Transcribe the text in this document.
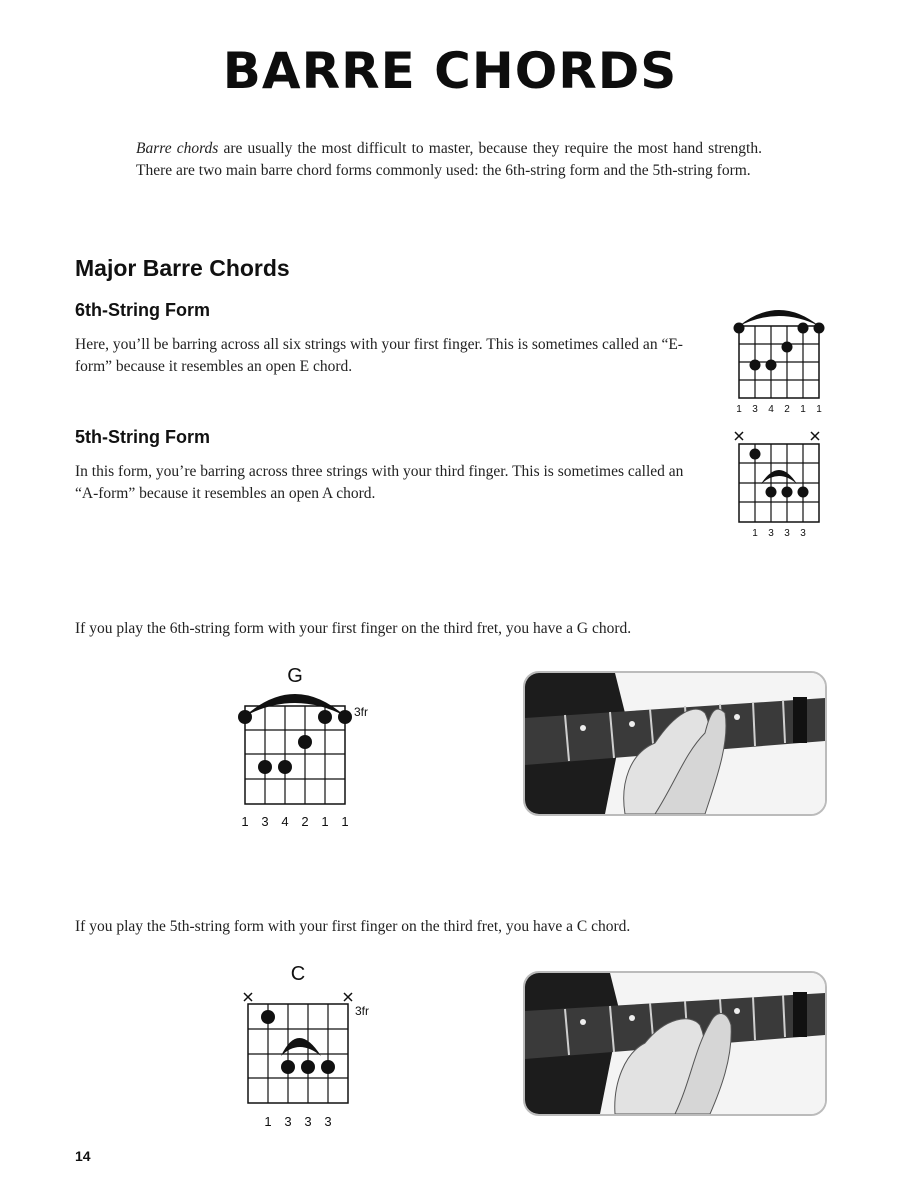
BARRE CHORDS
Barre chords are usually the most difficult to master, because they require the most hand strength. There are two main barre chord forms commonly used: the 6th-string form and the 5th-string form.
Major Barre Chords
6th-String Form
Here, you’ll be barring across all six strings with your first finger. This is sometimes called an “E-form” because it resembles an open E chord.
1 3 4 2 1 1
5th-String Form
In this form, you’re barring across three strings with your third finger. This is sometimes called an “A-form” because it resembles an open A chord.
1 3 3 3
If you play the 6th-string form with your first finger on the third fret, you have a G chord.
G
3fr
1 3 4 2 1 1
If you play the 5th-string form with your first finger on the third fret, you have a C chord.
C
3fr
1 3 3 3
14
